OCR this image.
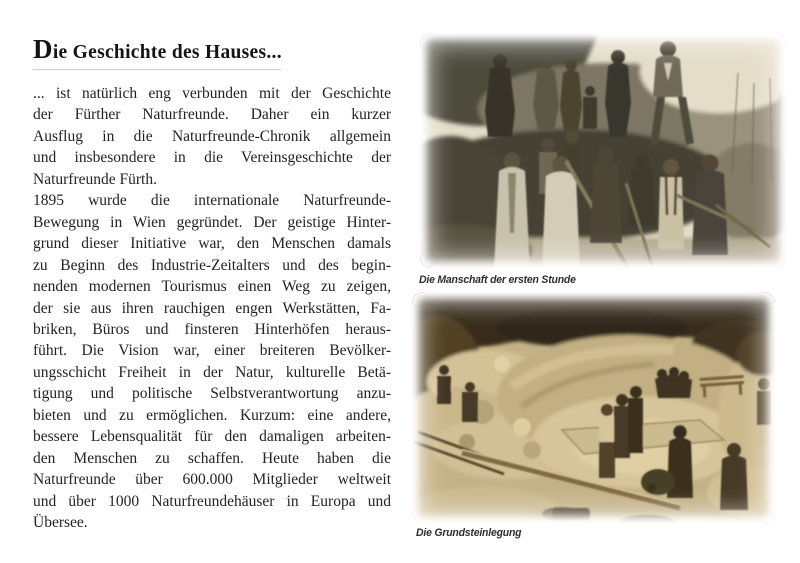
Die Geschichte des Hauses...
... ist natürlich eng verbunden mit der Geschichte
der Fürther Naturfreunde. Daher ein kurzer
Ausflug in die Naturfreunde-Chronik allgemein
und insbesondere in die Vereinsgeschichte der
Naturfreunde Fürth.
1895 wurde die internationale Naturfreunde-
Bewegung in Wien gegründet. Der geistige Hinter-
grund dieser Initiative war, den Menschen damals
zu Beginn des Industrie-Zeitalters und des begin-
nenden modernen Tourismus einen Weg zu zeigen,
der sie aus ihren rauchigen engen Werkstätten, Fa-
briken, Büros und finsteren Hinterhöfen heraus-
führt. Die Vision war, einer breiteren Bevölker-
ungsschicht Freiheit in der Natur, kulturelle Betä-
tigung und politische Selbstverantwortung anzu-
bieten und zu ermöglichen. Kurzum: eine andere,
bessere Lebensqualität für den damaligen arbeiten-
den Menschen zu schaffen. Heute haben die
Naturfreunde über 600.000 Mitglieder weltweit
und über 1000 Naturfreundehäuser in Europa und
Übersee.
Die Manschaft der ersten Stunde
Die Grundsteinlegung
